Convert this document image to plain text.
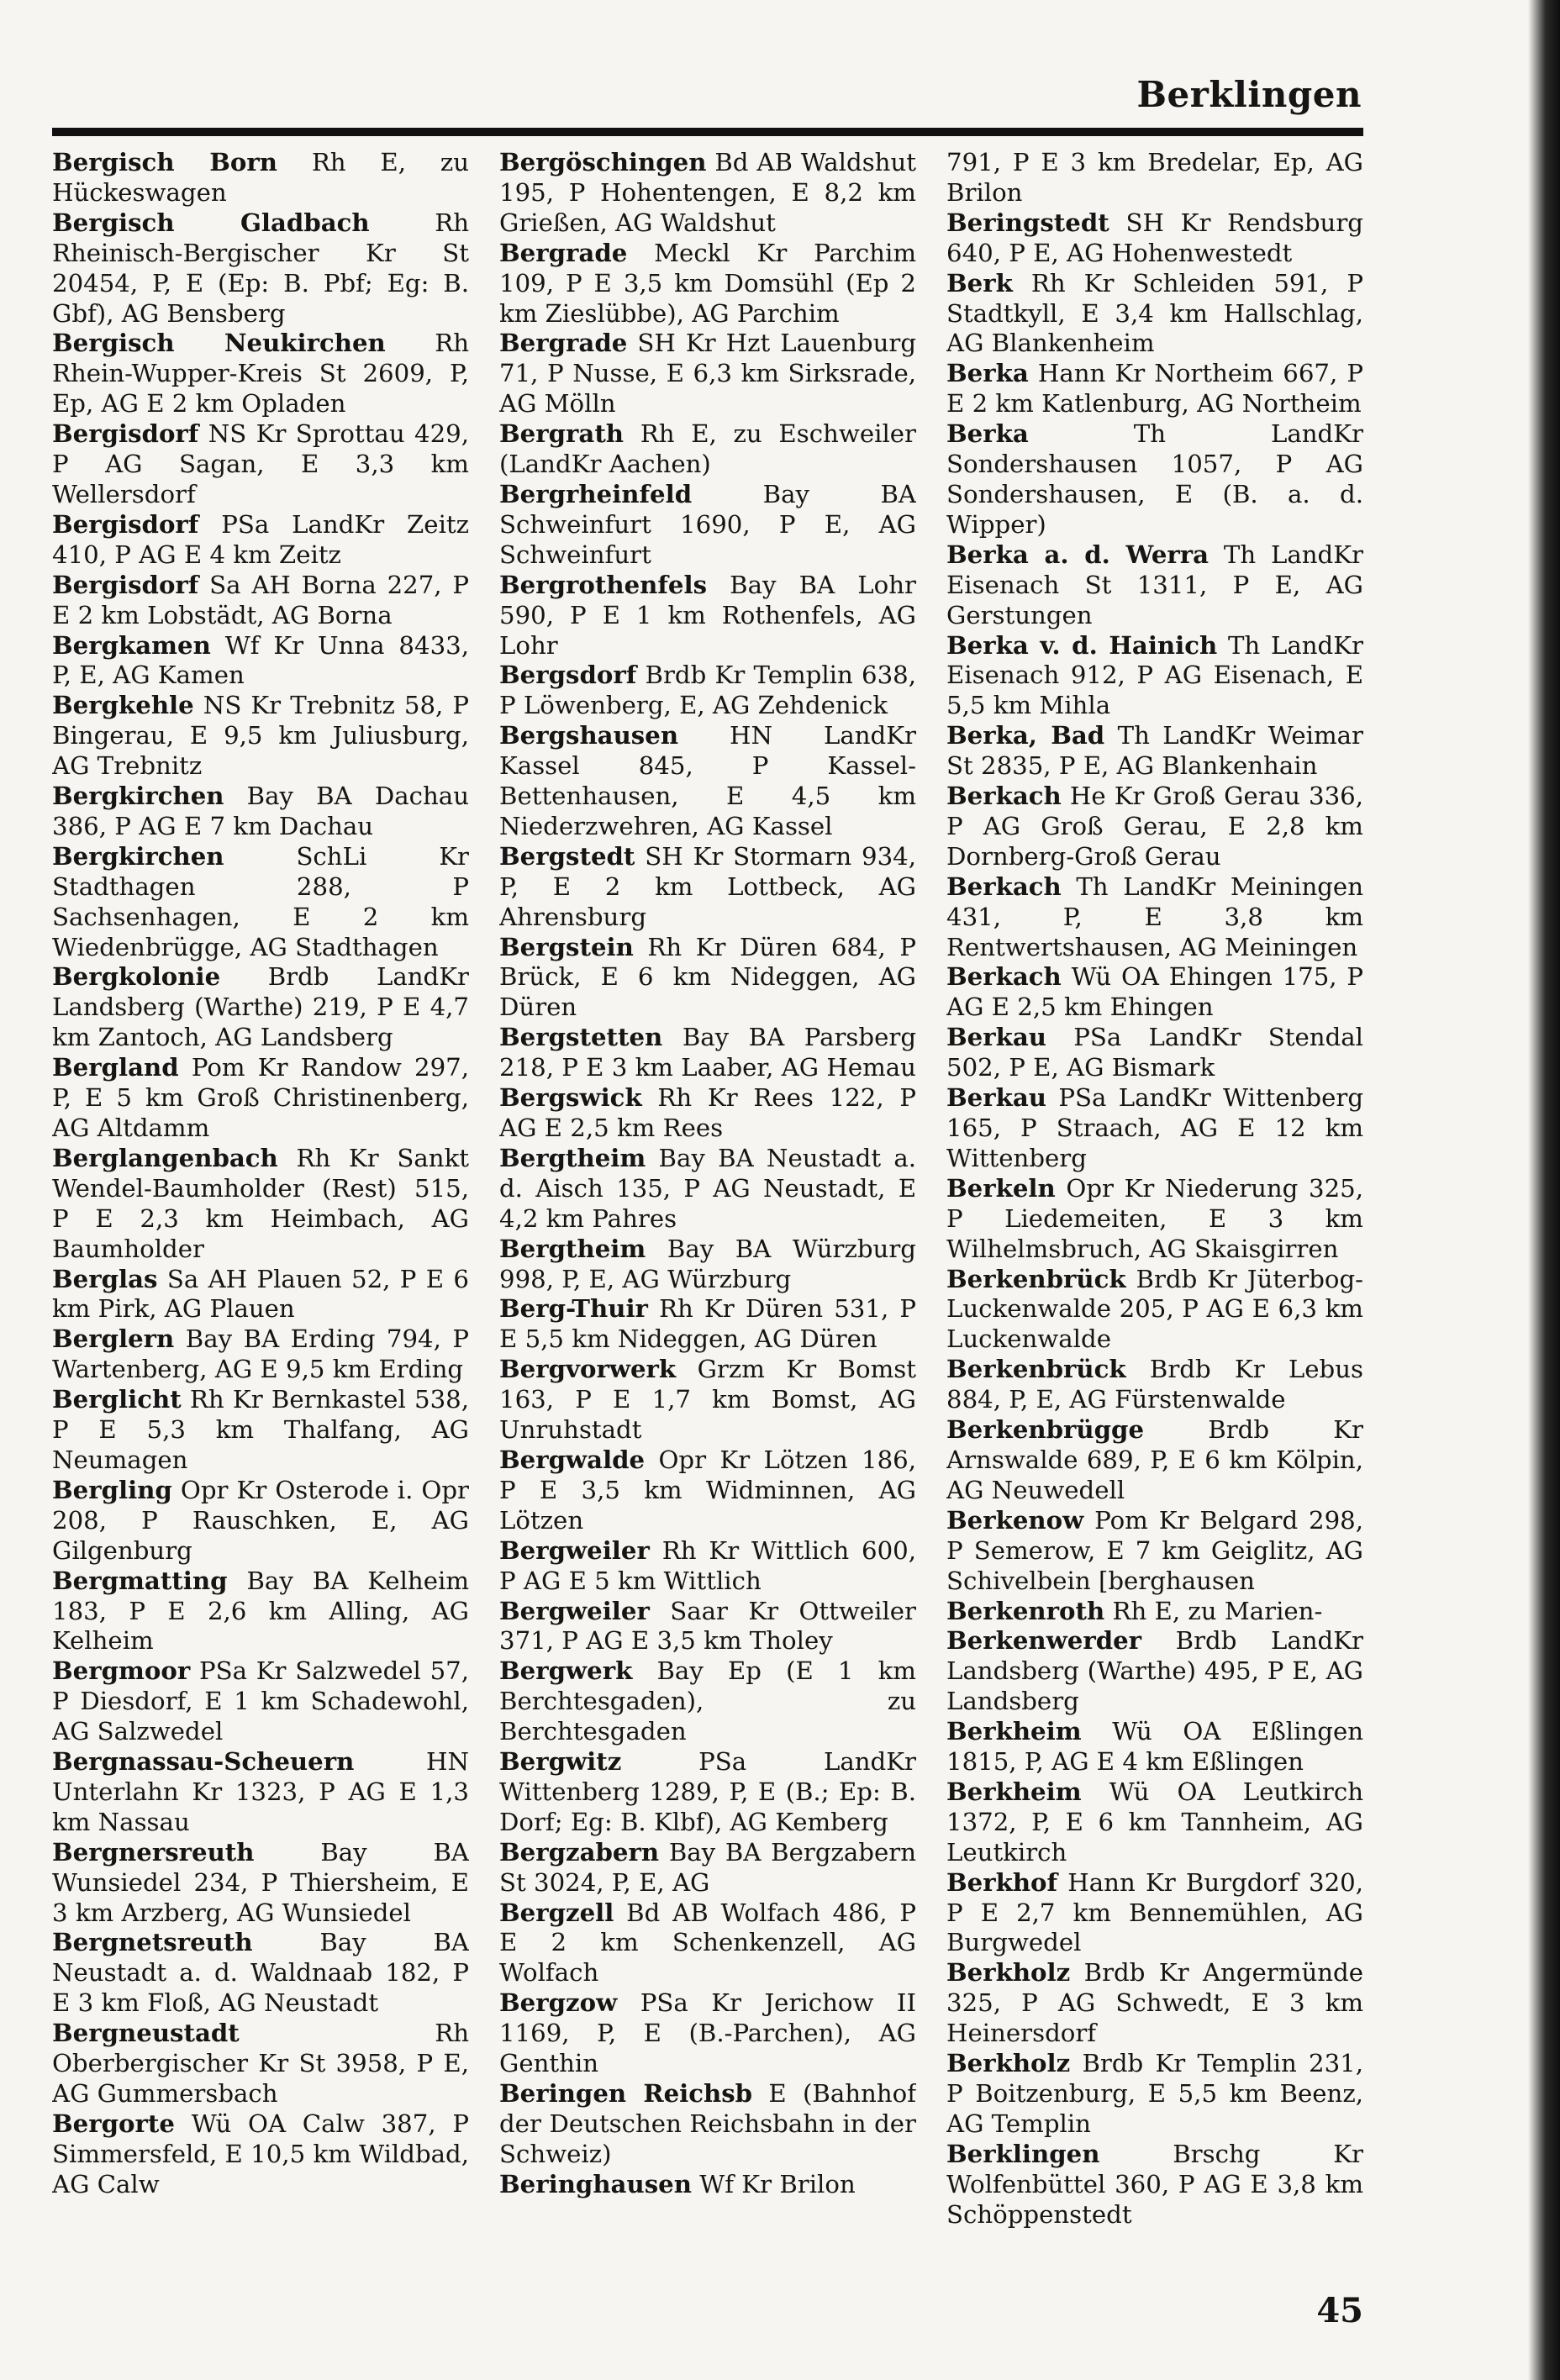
Berklingen
Bergisch Born Rh E, zu Hückeswagen
Bergisch Gladbach	Rh Rheinisch-Bergischer Kr St 20454, P, E (Ep: B. Pbf; Eg: B. Gbf), AG Bensberg
Bergisch Neukirchen Rh Rhein-Wupper-Kreis St 2609, P, Ep, AG E 2 km Opladen
Bergisdorf NS Kr Sprottau 429, P AG Sagan, E 3,3 km Wellersdorf
Bergisdorf PSa LandKr Zeitz 410, P AG E 4 km Zeitz
Bergisdorf Sa AH Borna 227, P E 2 km Lobstädt, AG Borna
Bergkamen Wf Kr Unna 8433, P, E, AG Kamen
Bergkehle NS Kr Trebnitz 58, P Bingerau, E 9,5 km Juliusburg, AG Trebnitz
Bergkirchen Bay BA Dachau 386, P AG E 7 km Dachau
Bergkirchen	SchLi Kr Stadthagen 288, P Sachsenhagen, E 2 km Wiedenbrügge, AG Stadthagen
Bergkolonie Brdb LandKr Landsberg (Warthe) 219, P E 4,7 km Zantoch, AG Landsberg
Bergland Pom Kr Randow 297, P, E 5 km Groß Christinenberg, AG Altdamm
Berglangenbach Rh Kr Sankt Wendel-Baumholder (Rest) 515, P E 2,3 km Heimbach, AG Baumholder
Berglas Sa AH Plauen 52, P E 6 km Pirk, AG Plauen
Berglern Bay BA Erding 794, P Wartenberg, AG E 9,5 km Erding
Berglicht Rh Kr Bernkastel 538, P E 5,3 km Thalfang, AG Neumagen
Bergling Opr Kr Osterode i. Opr 208, P Rauschken, E, AG Gilgenburg
Bergmatting Bay BA Kelheim 183, P E 2,6 km Alling, AG Kelheim
Bergmoor PSa Kr Salzwedel 57, P Diesdorf, E 1 km Schadewohl, AG Salzwedel
Bergnassau-Scheuern	HN Unterlahn Kr 1323, P AG E 1,3 km Nassau
Bergnersreuth	Bay BA Wunsiedel 234, P Thiersheim, E 3 km Arzberg, AG Wunsiedel
Bergnetsreuth	Bay BA Neustadt a. d. Waldnaab 182, P E 3 km Floß, AG Neustadt
Bergneustadt	Rh Oberbergischer Kr St 3958, P E, AG Gummersbach
Bergorte Wü OA Calw 387, P Simmersfeld, E 10,5 km Wildbad, AG Calw
Bergöschingen Bd AB Waldshut 195, P Hohentengen, E 8,2 km Grießen, AG Waldshut
Bergrade Meckl Kr Parchim 109, P E 3,5 km Domsühl (Ep 2 km Zieslübbe), AG Parchim
Bergrade SH Kr Hzt Lauenburg 71, P Nusse, E 6,3 km Sirksrade, AG Mölln
Bergrath Rh E, zu Eschweiler (LandKr Aachen)
Bergrheinfeld	Bay BA Schweinfurt 1690, P E, AG Schweinfurt
Bergrothenfels Bay BA Lohr 590, P E 1 km Rothenfels, AG Lohr
Bergsdorf Brdb Kr Templin 638, P Löwenberg, E, AG Zehdenick
Bergshausen HN LandKr Kassel 845, P Kassel-Bettenhausen, E 4,5 km Niederzwehren, AG Kassel
Bergstedt SH Kr Stormarn 934, P, E 2 km Lottbeck, AG Ahrensburg
Bergstein Rh Kr Düren 684, P Brück, E 6 km Nideggen, AG Düren
Bergstetten Bay BA Parsberg 218, P E 3 km Laaber, AG Hemau
Bergswick Rh Kr Rees 122, P AG E 2,5 km Rees
Bergtheim Bay BA Neustadt a. d. Aisch 135, P AG Neustadt, E 4,2 km Pahres
Bergtheim Bay BA Würzburg 998, P, E, AG Würzburg
Berg-Thuir Rh Kr Düren 531, P E 5,5 km Nideggen, AG Düren
Bergvorwerk Grzm Kr Bomst 163, P E 1,7 km Bomst, AG Unruhstadt
Bergwalde Opr Kr Lötzen 186, P E 3,5 km Widminnen, AG Lötzen
Bergweiler Rh Kr Wittlich 600, P AG E 5 km Wittlich
Bergweiler Saar Kr Ottweiler 371, P AG E 3,5 km Tholey
Bergwerk Bay Ep (E 1 km Berchtesgaden), zu Berchtesgaden
Bergwitz	PSa LandKr Wittenberg 1289, P, E (B.; Ep: B. Dorf; Eg: B. Klbf), AG Kemberg
Bergzabern Bay BA Bergzabern St 3024, P, E, AG
Bergzell Bd AB Wolfach 486, P E 2 km Schenkenzell, AG Wolfach
Bergzow PSa Kr Jerichow II 1169, P, E (B.-Parchen), AG Genthin
Beringen Reichsb E (Bahnhof der Deutschen Reichsbahn in der Schweiz)
Beringhausen Wf Kr Brilon
791, P E 3 km Bredelar, Ep, AG Brilon
Beringstedt SH Kr Rendsburg 640, P E, AG Hohenwestedt
Berk Rh Kr Schleiden 591, P Stadtkyll, E 3,4 km Hallschlag, AG Blankenheim
Berka Hann Kr Northeim 667, P E 2 km Katlenburg, AG Northeim
Berka	Th LandKr Sondershausen 1057, P AG Sondershausen, E (B. a. d. Wipper)
Berka a. d. Werra Th LandKr Eisenach St 1311, P E, AG Gerstungen
Berka v. d. Hainich Th LandKr Eisenach 912, P AG Eisenach, E 5,5 km Mihla
Berka, Bad Th LandKr Weimar St 2835, P E, AG Blankenhain
Berkach He Kr Groß Gerau 336, P AG Groß Gerau, E 2,8 km Dornberg-Groß Gerau
Berkach Th LandKr Meiningen 431, P, E 3,8 km Rentwertshausen, AG Meiningen
Berkach Wü OA Ehingen 175, P AG E 2,5 km Ehingen
Berkau PSa LandKr Stendal 502, P E, AG Bismark
Berkau PSa LandKr Wittenberg 165, P Straach, AG E 12 km Wittenberg
Berkeln Opr Kr Niederung 325, P Liedemeiten, E 3 km Wilhelmsbruch, AG Skaisgirren
Berkenbrück Brdb Kr Jüterbog-Luckenwalde 205, P AG E 6,3 km Luckenwalde
Berkenbrück Brdb Kr Lebus 884, P, E, AG Fürstenwalde
Berkenbrügge	Brdb Kr Arnswalde 689, P, E 6 km Kölpin, AG Neuwedell
Berkenow Pom Kr Belgard 298, P Semerow, E 7 km Geiglitz, AG Schivelbein [berghausen
Berkenroth Rh E, zu Marien-
Berkenwerder Brdb LandKr Landsberg (Warthe) 495, P E, AG Landsberg
Berkheim Wü OA Eßlingen 1815, P, AG E 4 km Eßlingen
Berkheim Wü OA Leutkirch 1372, P, E 6 km Tannheim, AG Leutkirch
Berkhof Hann Kr Burgdorf 320, P E 2,7 km Bennemühlen, AG Burgwedel
Berkholz Brdb Kr Angermünde 325, P AG Schwedt, E 3 km Heinersdorf
Berkholz Brdb Kr Templin 231, P Boitzenburg, E 5,5 km Beenz, AG Templin
Berklingen	Brschg Kr Wolfenbüttel 360, P AG E 3,8 km Schöppenstedt
45
